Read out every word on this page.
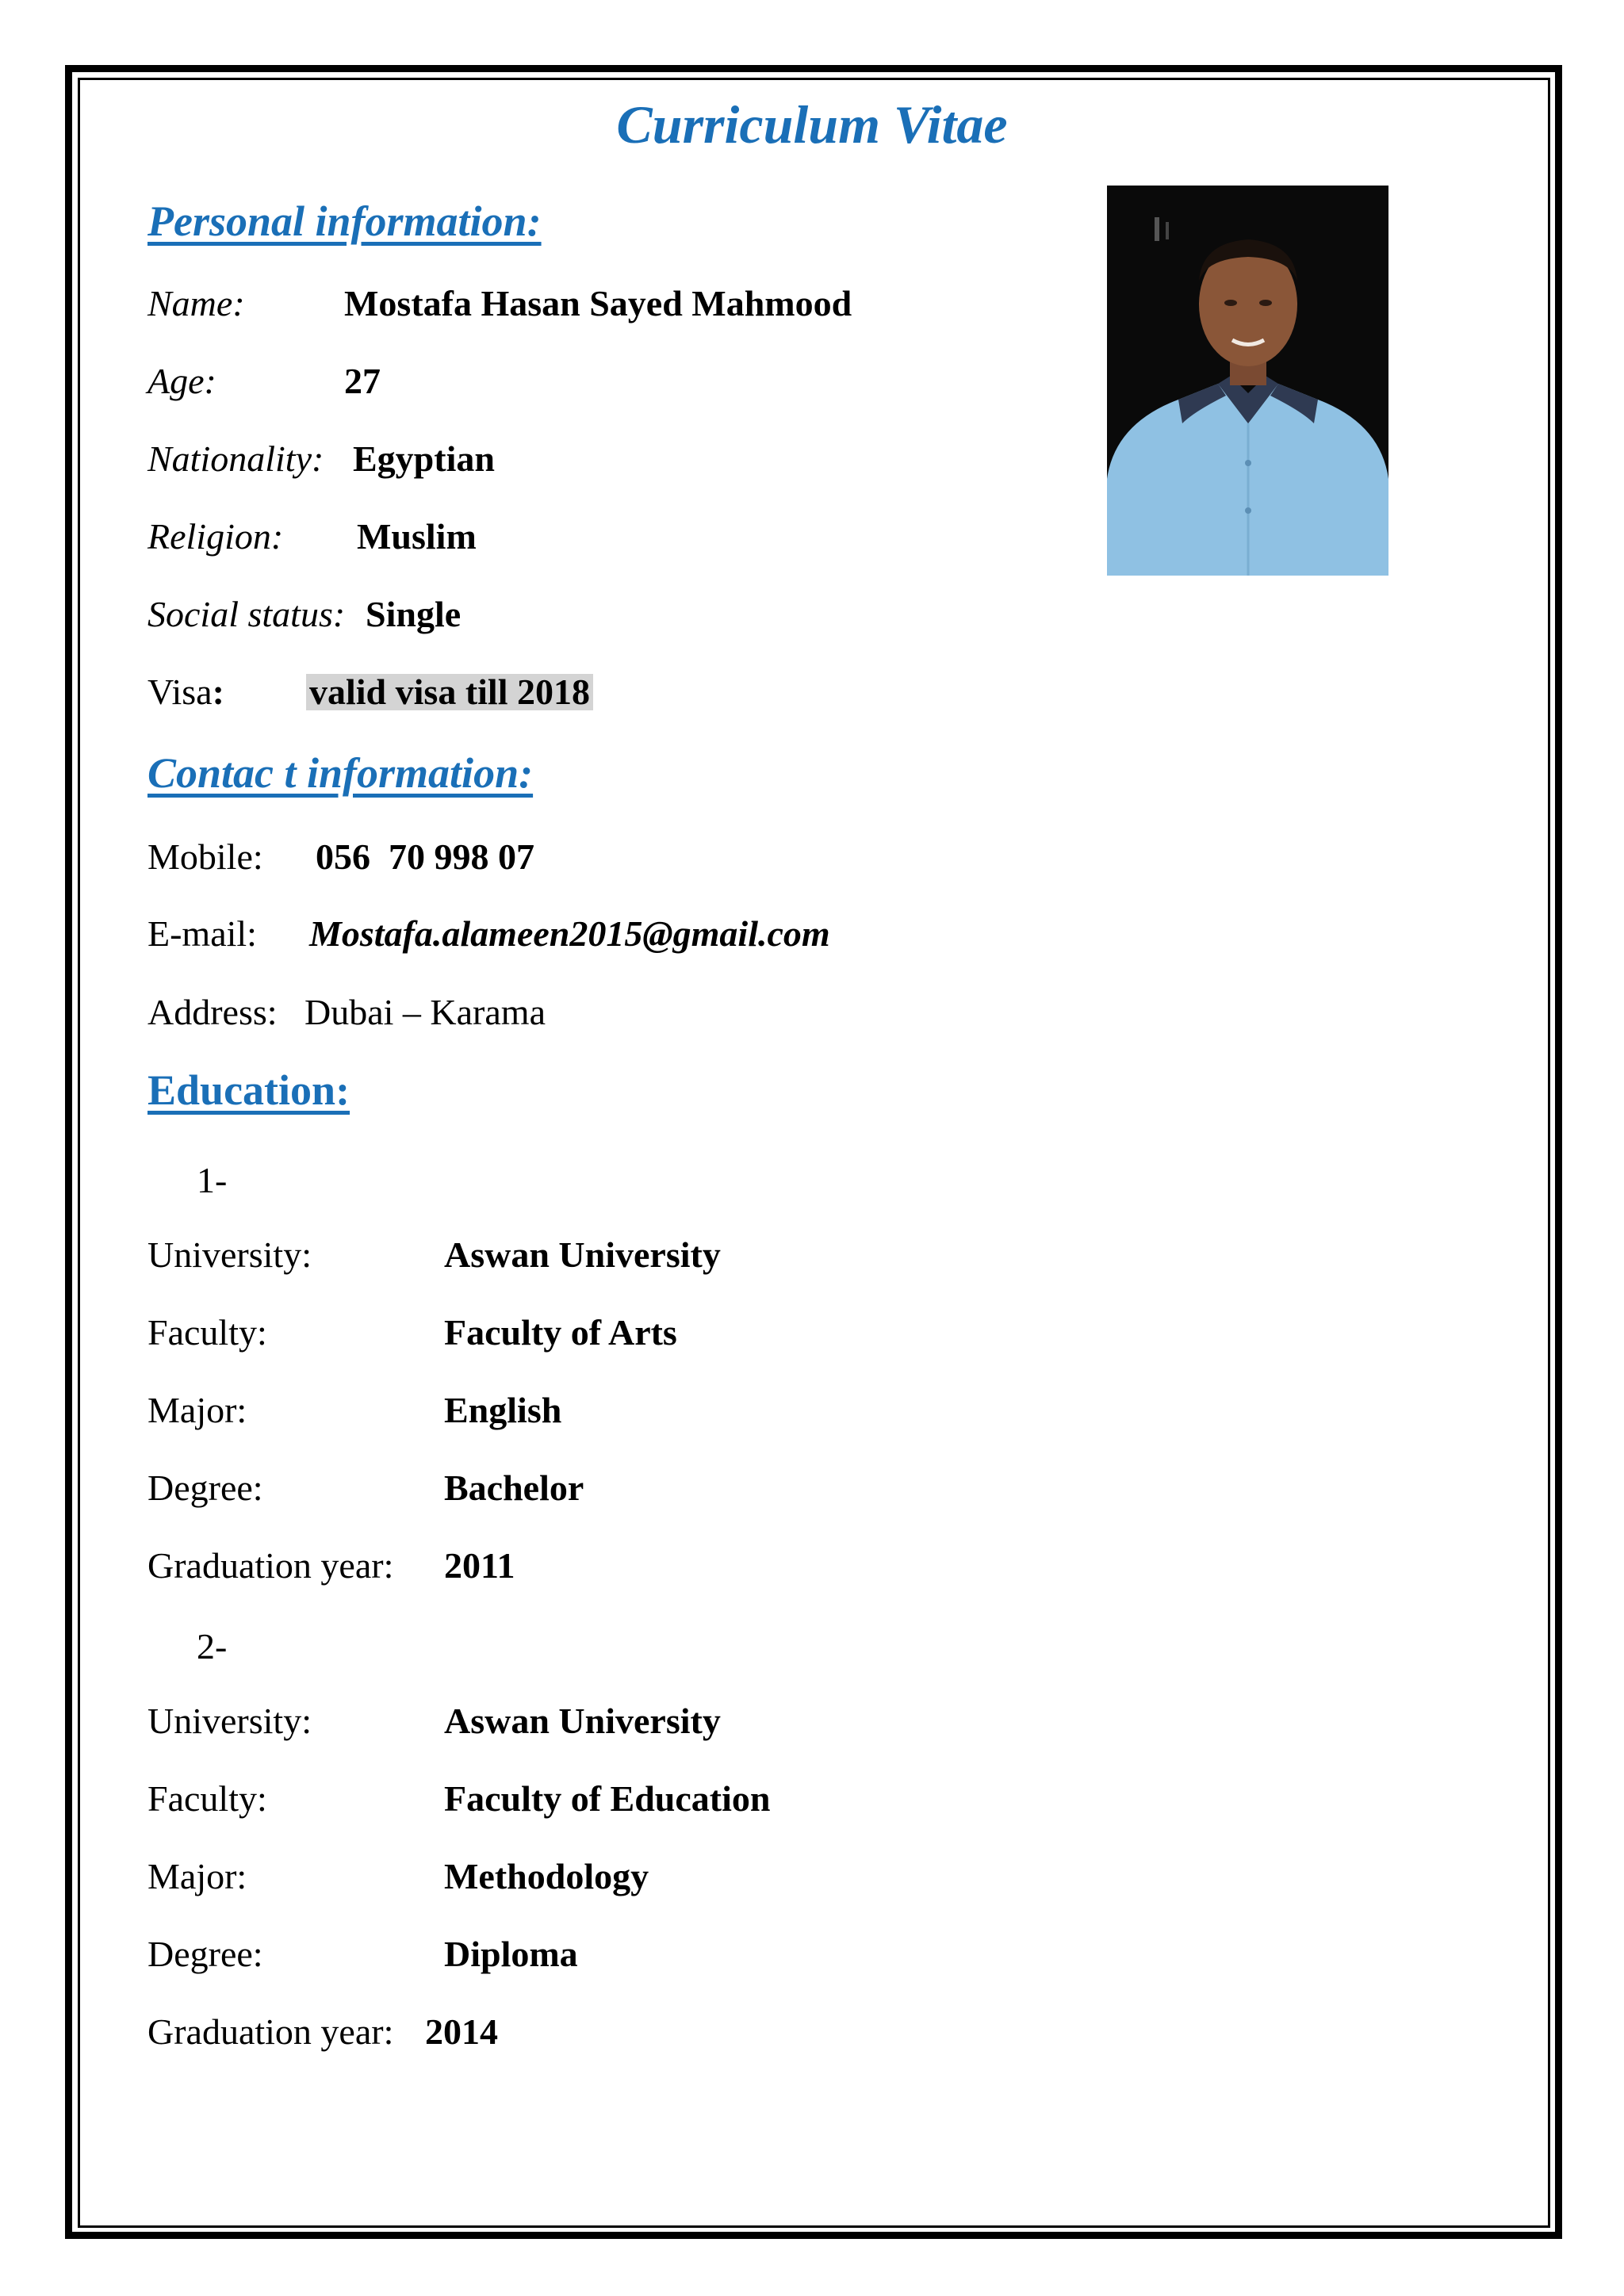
Curriculum Vitae
Personal information:
Name:	Mostafa Hasan Sayed Mahmood
Age:	27
Nationality: Egyptian
Religion: Muslim
Social status: Single
Visa: valid visa till 2018
Contac t information:
Mobile: 056  70 998 07
E-mail: Mostafa.alameen2015@gmail.com
Address: Dubai – Karama
Education:
1-
University:	Aswan University
Faculty:	Faculty of Arts
Major:	English
Degree:	Bachelor
Graduation year: 2011
2-
University:	Aswan University
Faculty:	Faculty of Education
Major:	Methodology
Degree:	Diploma
Graduation year: 2014
